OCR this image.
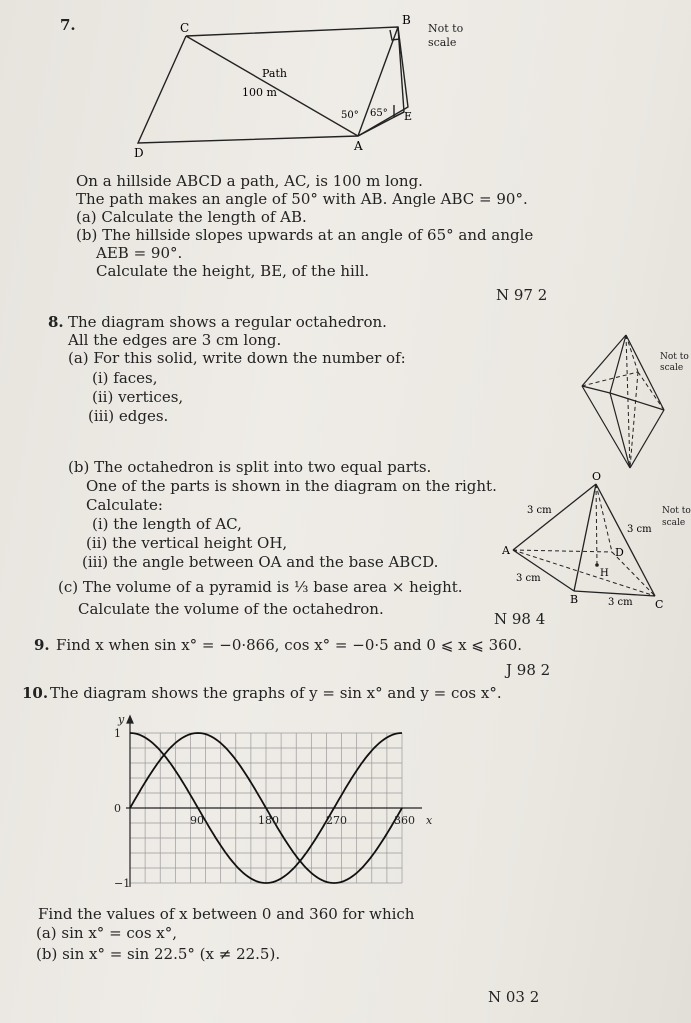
7.	C
B
D	A
E
Path
100 m
50° 65°
Not to
scale
On a hillside ABCD a path, AC, is 100 m long.
The path makes an angle of 50° with AB. Angle ABC = 90°.
(a) Calculate the length of AB.
(b) The hillside slopes upwards at an angle of 65° and angle
AEB = 90°.
Calculate the height, BE, of the hill.
N 97 2
8. The diagram shows a regular octahedron.
All the edges are 3 cm long.
(a) For this solid, write down the number of:
(i) faces,
(ii) vertices,
(iii) edges.
Not to
scale
(b) The octahedron is split into two equal parts.
One of the parts is shown in the diagram on the right.
Calculate:
(i) the length of AC,
(ii) the vertical height OH,
(iii) the angle between OA and the base ABCD.
(c) The volume of a pyramid is ⅓ base area × height.
Calculate the volume of the octahedron.
O
A
B	C
D
H
3 cm
3 cm
3 cm
3 cm
Not to
scale
N 98 4
9. Find x when sin x° = −0·866, cos x° = −0·5 and 0 ⩽ x ⩽ 360.
J 98 2
10. The diagram shows the graphs of y = sin x° and y = cos x°.
90	180	270	360
1
0
−1
x
y
Find the values of x between 0 and 360 for which
(a) sin x° = cos x°,
(b) sin x° = sin 22.5° (x ≠ 22.5).
N 03 2
